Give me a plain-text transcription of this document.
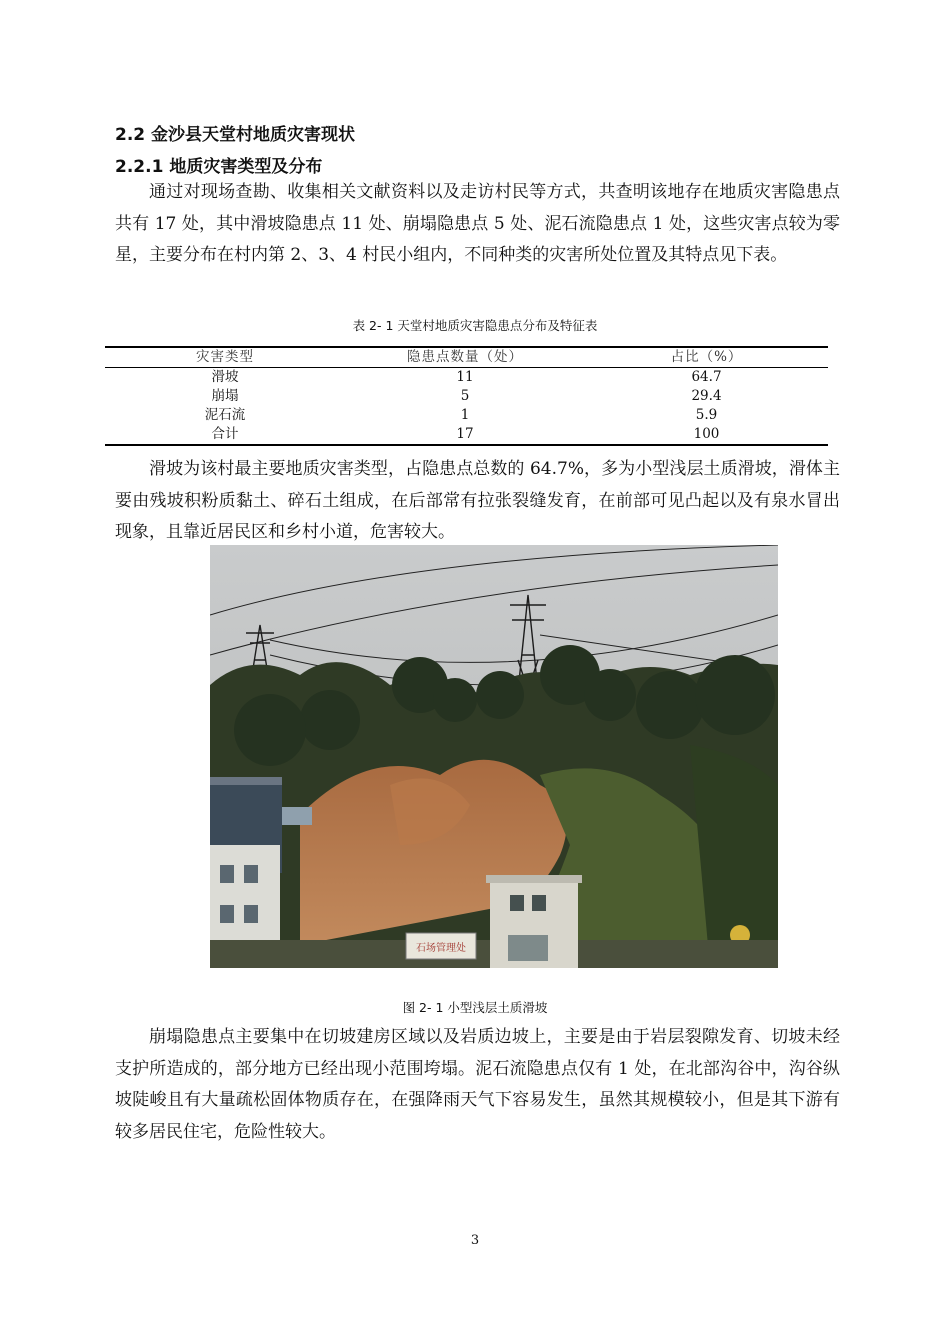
2.2 金沙县天堂村地质灾害现状
2.2.1 地质灾害类型及分布

通过对现场查勘、收集相关文献资料以及走访村民等方式，共查明该地存在地质灾害隐患点共有 17 处，其中滑坡隐患点 11 处、崩塌隐患点 5 处、泥石流隐患点 1 处，这些灾害点较为零星，主要分布在村内第 2、3、4 村民小组内，不同种类的灾害所处位置及其特点见下表。

表 2- 1 天堂村地质灾害隐患点分布及特征表
灾害类型	隐患点数量（处）	占比（%）
滑坡	11	64.7
崩塌	5	29.4
泥石流	1	5.9
合计	17	100

滑坡为该村最主要地质灾害类型，占隐患点总数的 64.7%，多为小型浅层土质滑坡，滑体主要由残坡积粉质黏土、碎石土组成，在后部常有拉张裂缝发育，在前部可见凸起以及有泉水冒出现象，且靠近居民区和乡村小道，危害较大。

石场管理处
图 2- 1 小型浅层土质滑坡

崩塌隐患点主要集中在切坡建房区域以及岩质边坡上，主要是由于岩层裂隙发育、切坡未经支护所造成的，部分地方已经出现小范围垮塌。泥石流隐患点仅有 1 处，在北部沟谷中，沟谷纵坡陡峻且有大量疏松固体物质存在，在强降雨天气下容易发生，虽然其规模较小，但是其下游有较多居民住宅，危险性较大。

3
